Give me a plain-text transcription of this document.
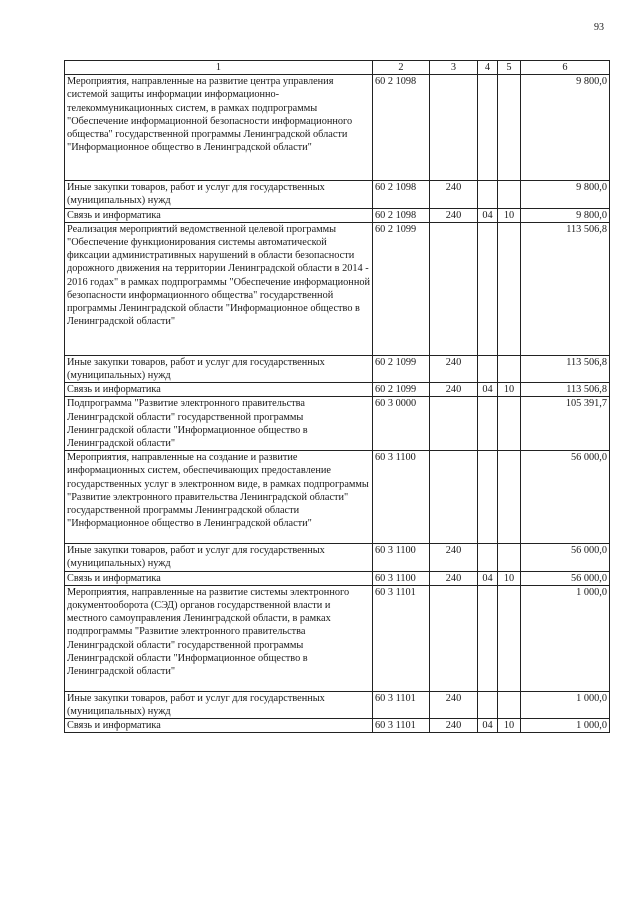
93
1	2	3	4	5	6
Мероприятия, направленные на развитие центра управления системой защиты информации информационно-телекоммуникационных систем, в рамках подпрограммы "Обеспечение информационной безопасности информационного общества" государственной программы Ленинградской области "Информационное общество в Ленинградской области"	60 2 1098				9 800,0
Иные закупки товаров, работ и услуг для государственных (муниципальных) нужд	60 2 1098	240			9 800,0
Связь и информатика	60 2 1098	240	04	10	9 800,0
Реализация мероприятий ведомственной целевой программы "Обеспечение функционирования системы автоматической фиксации административных нарушений в области безопасности дорожного движения на территории Ленинградской области в 2014 - 2016 годах" в рамках подпрограммы "Обеспечение информационной безопасности информационного общества" государственной программы Ленинградской области "Информационное общество в Ленинградской области"	60 2 1099				113 506,8
Иные закупки товаров, работ и услуг для государственных (муниципальных) нужд	60 2 1099	240			113 506,8
Связь и информатика	60 2 1099	240	04	10	113 506,8
Подпрограмма "Развитие электронного правительства Ленинградской области" государственной программы Ленинградской области "Информационное общество в Ленинградской области"	60 3 0000				105 391,7
Мероприятия, направленные на создание и развитие информационных систем, обеспечивающих предоставление государственных услуг в электронном виде, в рамках подпрограммы "Развитие электронного правительства Ленинградской области" государственной программы Ленинградской области "Информационное общество в Ленинградской области"	60 3 1100				56 000,0
Иные закупки товаров, работ и услуг для государственных (муниципальных) нужд	60 3 1100	240			56 000,0
Связь и информатика	60 3 1100	240	04	10	56 000,0
Мероприятия, направленные на развитие системы электронного документооборота (СЭД) органов государственной власти и местного самоуправления Ленинградской области, в рамках подпрограммы "Развитие электронного правительства Ленинградской области" государственной программы Ленинградской области "Информационное общество в Ленинградской области"	60 3 1101				1 000,0
Иные закупки товаров, работ и услуг для государственных (муниципальных) нужд	60 3 1101	240			1 000,0
Связь и информатика	60 3 1101	240	04	10	1 000,0
